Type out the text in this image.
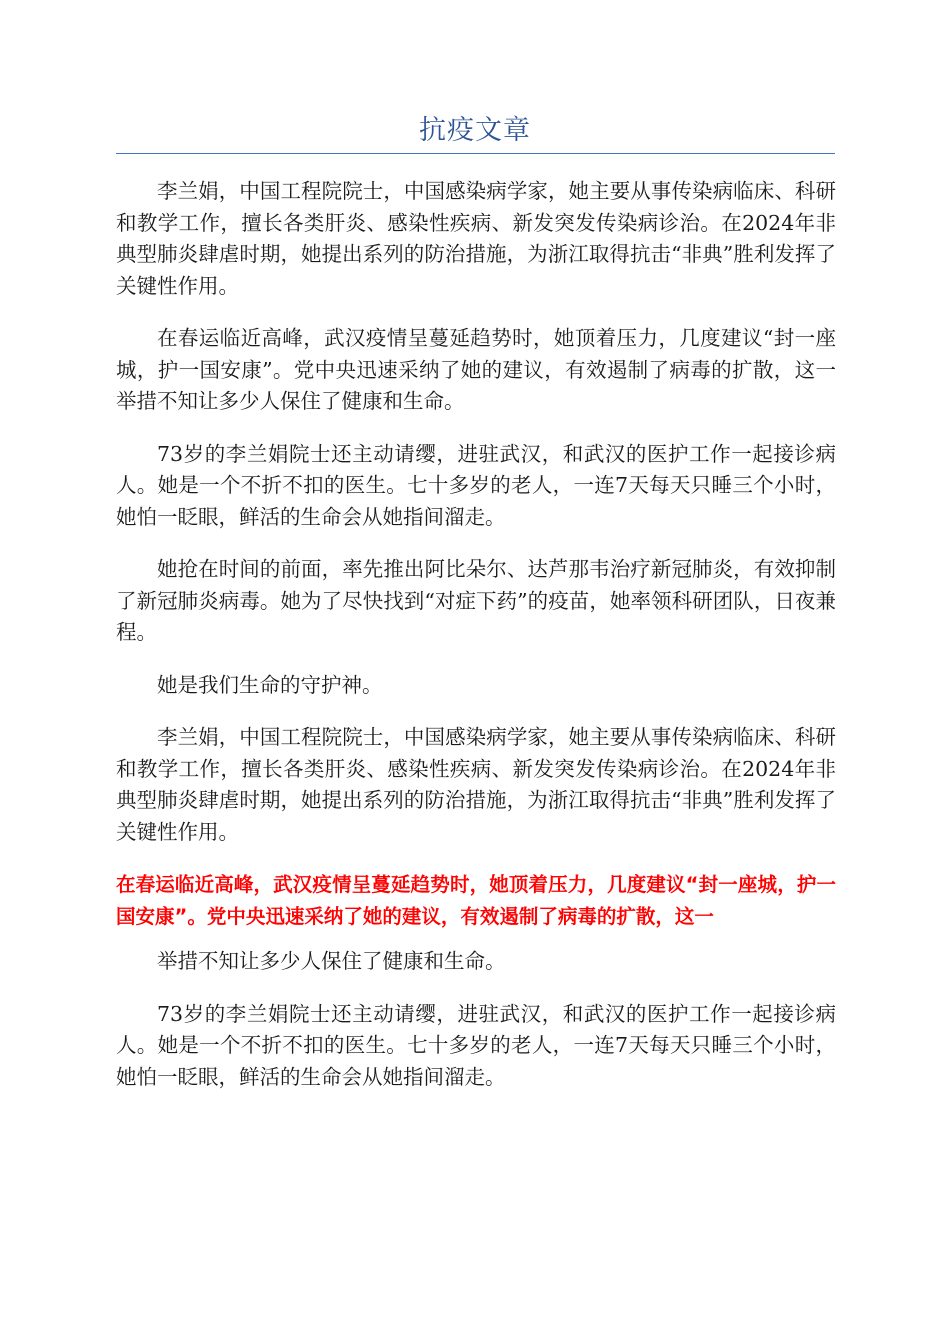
抗疫文章

李兰娟，中国工程院院士，中国感染病学家，她主要从事传染病临床、科研和教学工作，擅长各类肝炎、感染性疾病、新发突发传染病诊治。在2024年非典型肺炎肆虐时期，她提出系列的防治措施，为浙江取得抗击“非典”胜利发挥了关键性作用。

在春运临近高峰，武汉疫情呈蔓延趋势时，她顶着压力，几度建议“封一座城，护一国安康”。党中央迅速采纳了她的建议，有效遏制了病毒的扩散，这一举措不知让多少人保住了健康和生命。

73岁的李兰娟院士还主动请缨，进驻武汉，和武汉的医护工作一起接诊病人。她是一个不折不扣的医生。七十多岁的老人，一连7天每天只睡三个小时，她怕一眨眼，鲜活的生命会从她指间溜走。

她抢在时间的前面，率先推出阿比朵尔、达芦那韦治疗新冠肺炎，有效抑制了新冠肺炎病毒。她为了尽快找到“对症下药”的疫苗，她率领科研团队，日夜兼程。

她是我们生命的守护神。

李兰娟，中国工程院院士，中国感染病学家，她主要从事传染病临床、科研和教学工作，擅长各类肝炎、感染性疾病、新发突发传染病诊治。在2024年非典型肺炎肆虐时期，她提出系列的防治措施，为浙江取得抗击“非典”胜利发挥了关键性作用。

在春运临近高峰，武汉疫情呈蔓延趋势时，她顶着压力，几度建议“封一座城，护一国安康”。党中央迅速采纳了她的建议，有效遏制了病毒的扩散，这一

举措不知让多少人保住了健康和生命。

73岁的李兰娟院士还主动请缨，进驻武汉，和武汉的医护工作一起接诊病人。她是一个不折不扣的医生。七十多岁的老人，一连7天每天只睡三个小时，她怕一眨眼，鲜活的生命会从她指间溜走。
